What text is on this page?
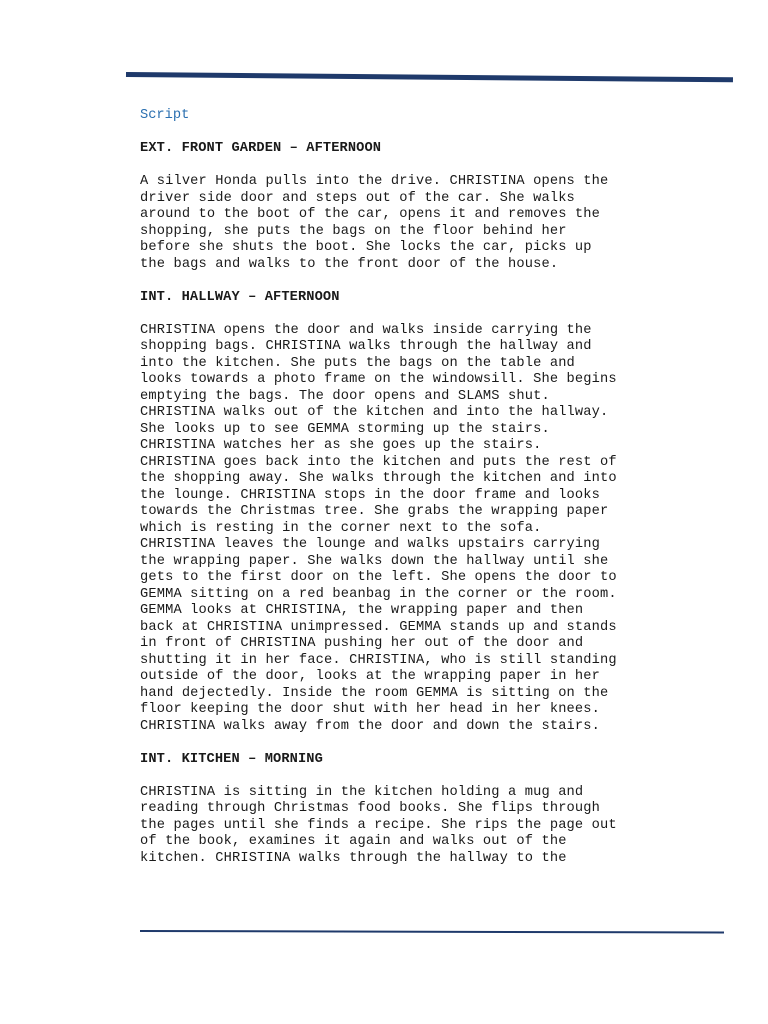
Script
EXT. FRONT GARDEN – AFTERNOON
A silver Honda pulls into the drive. CHRISTINA opens the
driver side door and steps out of the car. She walks
around to the boot of the car, opens it and removes the
shopping, she puts the bags on the floor behind her
before she shuts the boot. She locks the car, picks up
the bags and walks to the front door of the house.
INT. HALLWAY – AFTERNOON
CHRISTINA opens the door and walks inside carrying the
shopping bags. CHRISTINA walks through the hallway and
into the kitchen. She puts the bags on the table and
looks towards a photo frame on the windowsill. She begins
emptying the bags. The door opens and SLAMS shut.
CHRISTINA walks out of the kitchen and into the hallway.
She looks up to see GEMMA storming up the stairs.
CHRISTINA watches her as she goes up the stairs.
CHRISTINA goes back into the kitchen and puts the rest of
the shopping away. She walks through the kitchen and into
the lounge. CHRISTINA stops in the door frame and looks
towards the Christmas tree. She grabs the wrapping paper
which is resting in the corner next to the sofa.
CHRISTINA leaves the lounge and walks upstairs carrying
the wrapping paper. She walks down the hallway until she
gets to the first door on the left. She opens the door to
GEMMA sitting on a red beanbag in the corner or the room.
GEMMA looks at CHRISTINA, the wrapping paper and then
back at CHRISTINA unimpressed. GEMMA stands up and stands
in front of CHRISTINA pushing her out of the door and
shutting it in her face. CHRISTINA, who is still standing
outside of the door, looks at the wrapping paper in her
hand dejectedly. Inside the room GEMMA is sitting on the
floor keeping the door shut with her head in her knees.
CHRISTINA walks away from the door and down the stairs.
INT. KITCHEN – MORNING
CHRISTINA is sitting in the kitchen holding a mug and
reading through Christmas food books. She flips through
the pages until she finds a recipe. She rips the page out
of the book, examines it again and walks out of the
kitchen. CHRISTINA walks through the hallway to the
